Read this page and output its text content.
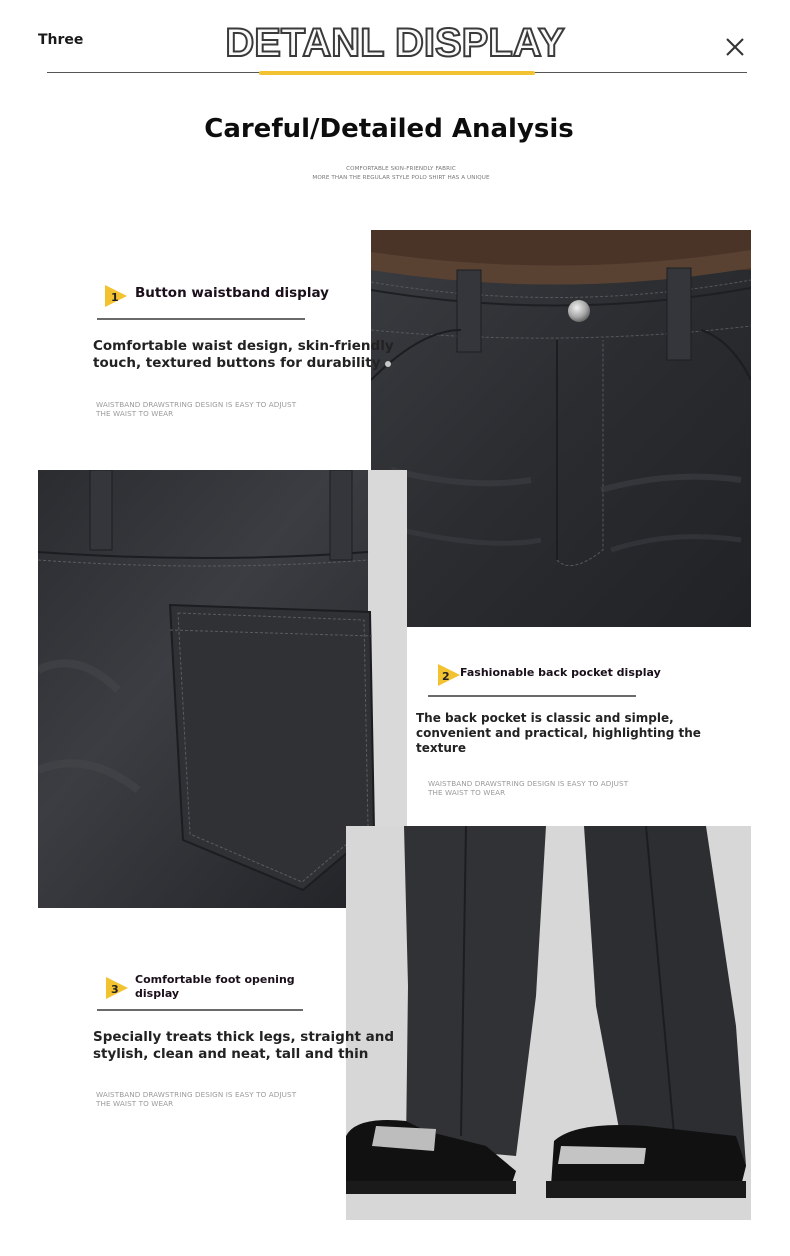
Three	DETANL DISPLAY
Careful/Detailed Analysis
COMFORTABLE SKIN-FRIENDLY FABRIC
MORE THAN THE REGULAR STYLE POLO SHIRT HAS A UNIQUE
1 Button waistband display
Comfortable waist design, skin-friendly
touch, textured buttons for durability
WAISTBAND DRAWSTRING DESIGN IS EASY TO ADJUST
THE WAIST TO WEAR
2 Fashionable back pocket display
The back pocket is classic and simple,
convenient and practical, highlighting the
texture
WAISTBAND DRAWSTRING DESIGN IS EASY TO ADJUST
THE WAIST TO WEAR
3
Comfortable foot opening
display
Specially treats thick legs, straight and
stylish, clean and neat, tall and thin
WAISTBAND DRAWSTRING DESIGN IS EASY TO ADJUST
THE WAIST TO WEAR
